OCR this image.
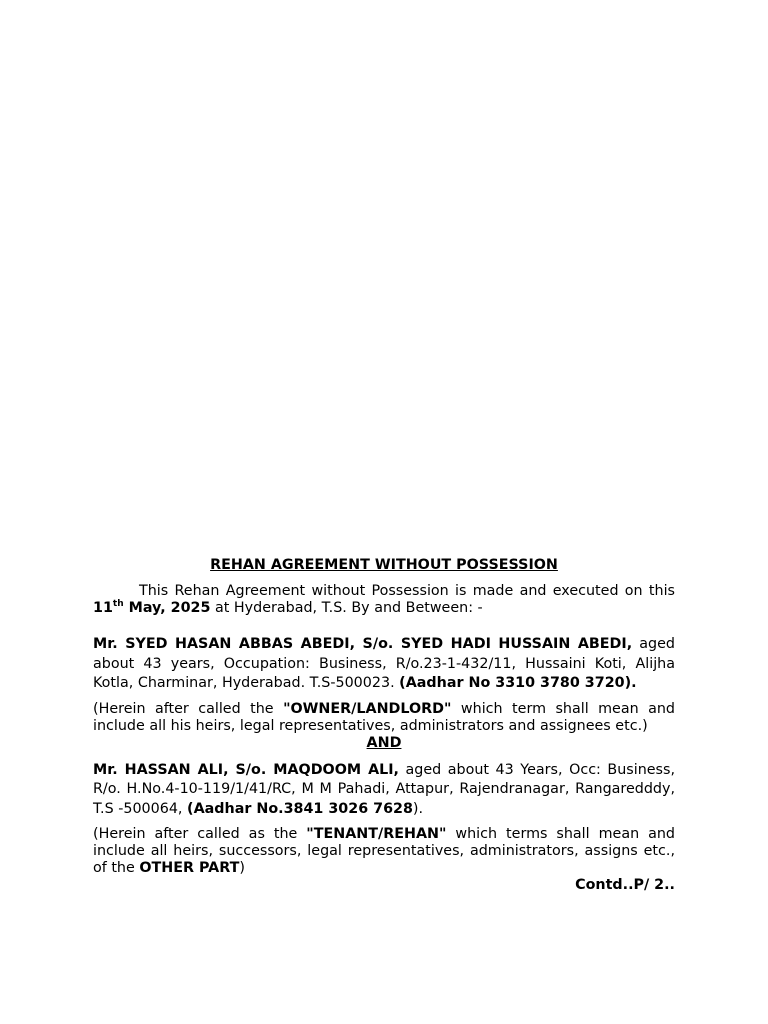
REHAN AGREEMENT WITHOUT POSSESSION

This Rehan Agreement without Possession is made and executed on this 11th May, 2025 at Hyderabad, T.S. By and Between: -

Mr. SYED HASAN ABBAS ABEDI, S/o. SYED HADI HUSSAIN ABEDI, aged about 43 years, Occupation: Business, R/o.23-1-432/11, Hussaini Koti, Alijha Kotla, Charminar, Hyderabad. T.S-500023. (Aadhar No 3310 3780 3720).

(Herein after called the "OWNER/LANDLORD" which term shall mean and include all his heirs, legal representatives, administrators and assignees etc.)

AND

Mr. HASSAN ALI, S/o. MAQDOOM ALI, aged about 43 Years, Occ: Business, R/o. H.No.4-10-119/1/41/RC, M M Pahadi, Attapur, Rajendranagar, Rangaredddy, T.S -500064, (Aadhar No.3841 3026 7628).

(Herein after called as the "TENANT/REHAN" which terms shall mean and include all heirs, successors, legal representatives, administrators, assigns etc., of the OTHER PART)

Contd..P/ 2..
